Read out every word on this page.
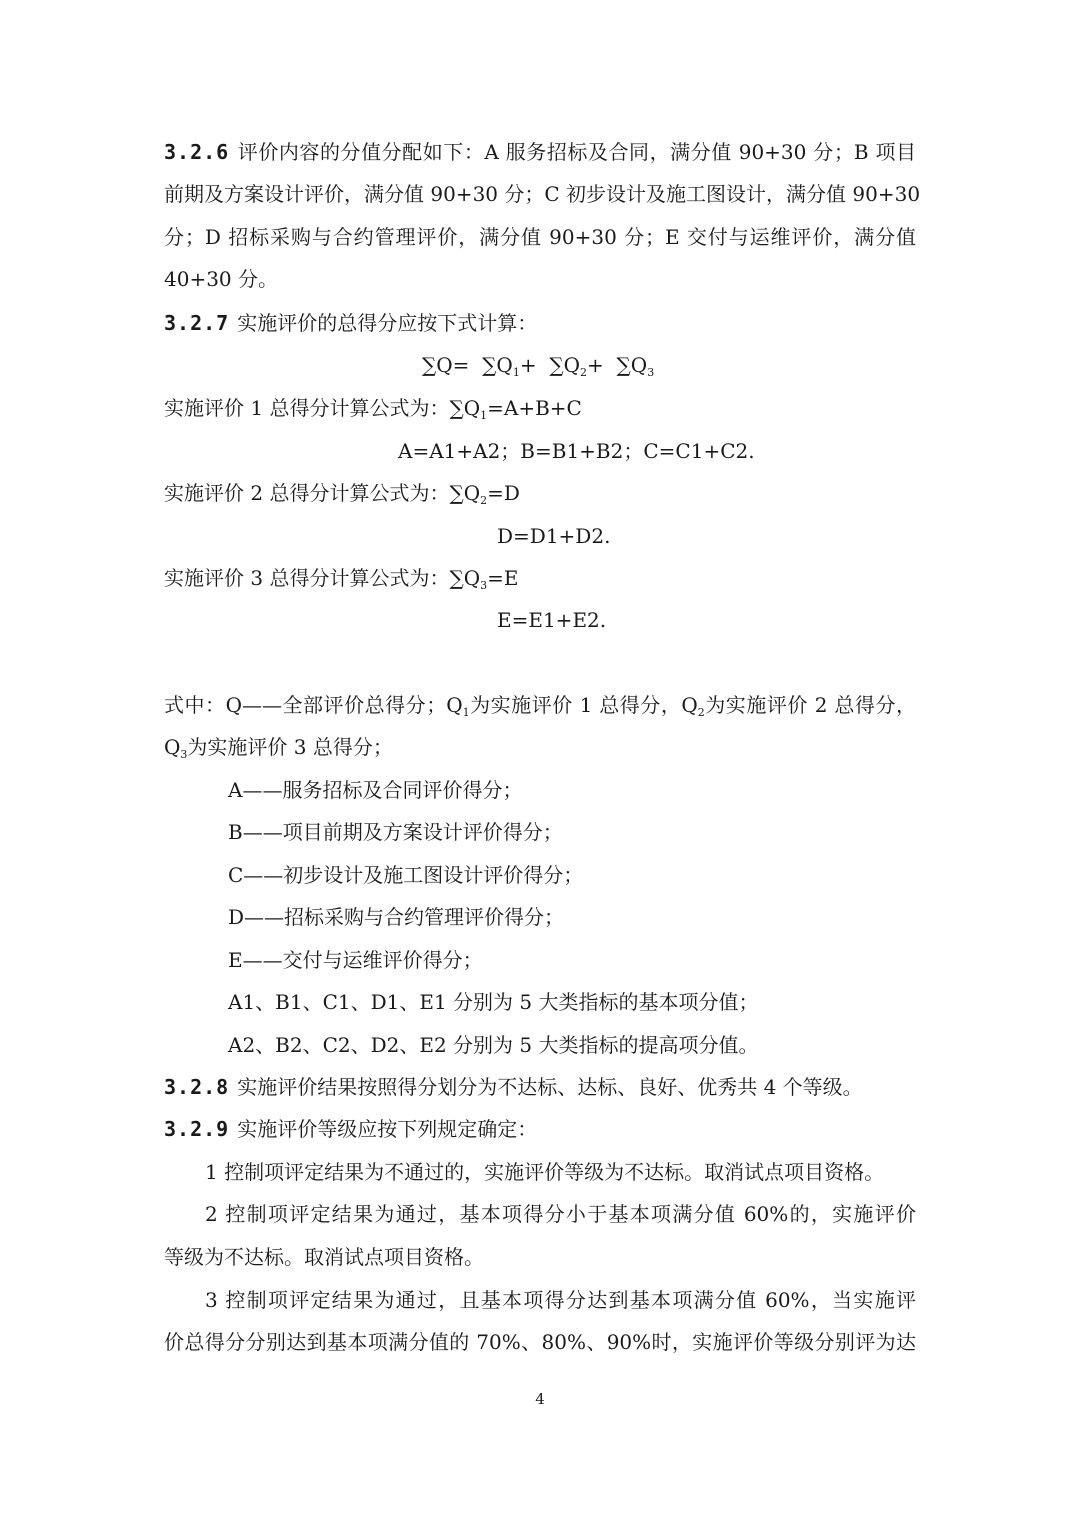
3.2.6 评价内容的分值分配如下：A 服务招标及合同，满分值 90+30 分；B 项目
前期及方案设计评价，满分值 90+30 分；C 初步设计及施工图设计，满分值 90+30
分；D 招标采购与合约管理评价，满分值 90+30 分；E 交付与运维评价，满分值
40+30 分。
3.2.7 实施评价的总得分应按下式计算：
$\sum Q= \sum Q_1+ \sum Q_2+ \sum Q_3$
实施评价 1 总得分计算公式为：$\sum Q_1=A+B+C$
A=A1+A2；B=B1+B2；C=C1+C2.
实施评价 2 总得分计算公式为：$\sum Q_2=D$
D=D1+D2.
实施评价 3 总得分计算公式为：$\sum Q_3=E$
E=E1+E2.
式中：Q——全部评价总得分；$Q_1$为实施评价 1 总得分，$Q_2$为实施评价 2 总得分，
$Q_3$为实施评价 3 总得分；
A——服务招标及合同评价得分；
B——项目前期及方案设计评价得分；
C——初步设计及施工图设计评价得分；
D——招标采购与合约管理评价得分；
E——交付与运维评价得分；
A1、B1、C1、D1、E1 分别为 5 大类指标的基本项分值；
A2、B2、C2、D2、E2 分别为 5 大类指标的提高项分值。
3.2.8 实施评价结果按照得分划分为不达标、达标、良好、优秀共 4 个等级。
3.2.9 实施评价等级应按下列规定确定：
1 控制项评定结果为不通过的，实施评价等级为不达标。取消试点项目资格。
2 控制项评定结果为通过，基本项得分小于基本项满分值 60%的，实施评价
等级为不达标。取消试点项目资格。
3 控制项评定结果为通过，且基本项得分达到基本项满分值 60%，当实施评
价总得分分别达到基本项满分值的 70%、80%、90%时，实施评价等级分别评为达
4
